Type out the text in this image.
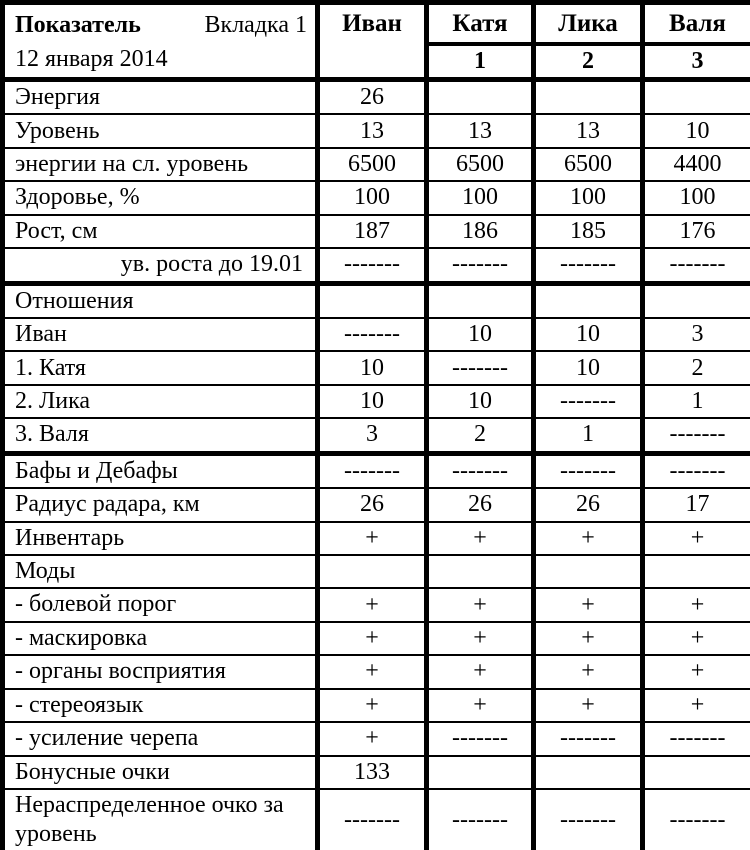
Показатель Вкладка 1
12 января 2014	Иван	Катя	Лика	Валя
		1	2	3
Энергия	26			
Уровень	13	13	13	10
энергии на сл. уровень	6500	6500	6500	4400
Здоровье, %	100	100	100	100
Рост, см	187	186	185	176
ув. роста до 19.01	-------	-------	-------	-------
Отношения				
Иван	-------	10	10	3
1. Катя	10	-------	10	2
2. Лика	10	10	-------	1
3. Валя	3	2	1	-------
Бафы и Дебафы	-------	-------	-------	-------
Радиус радара, км	26	26	26	17
Инвентарь	+	+	+	+
Моды				
- болевой порог	+	+	+	+
- маскировка	+	+	+	+
- органы восприятия	+	+	+	+
- стереоязык	+	+	+	+
- усиление черепа	+	-------	-------	-------
Бонусные очки	133			
Нераспределенное очко за уровень	-------	-------	-------	-------
